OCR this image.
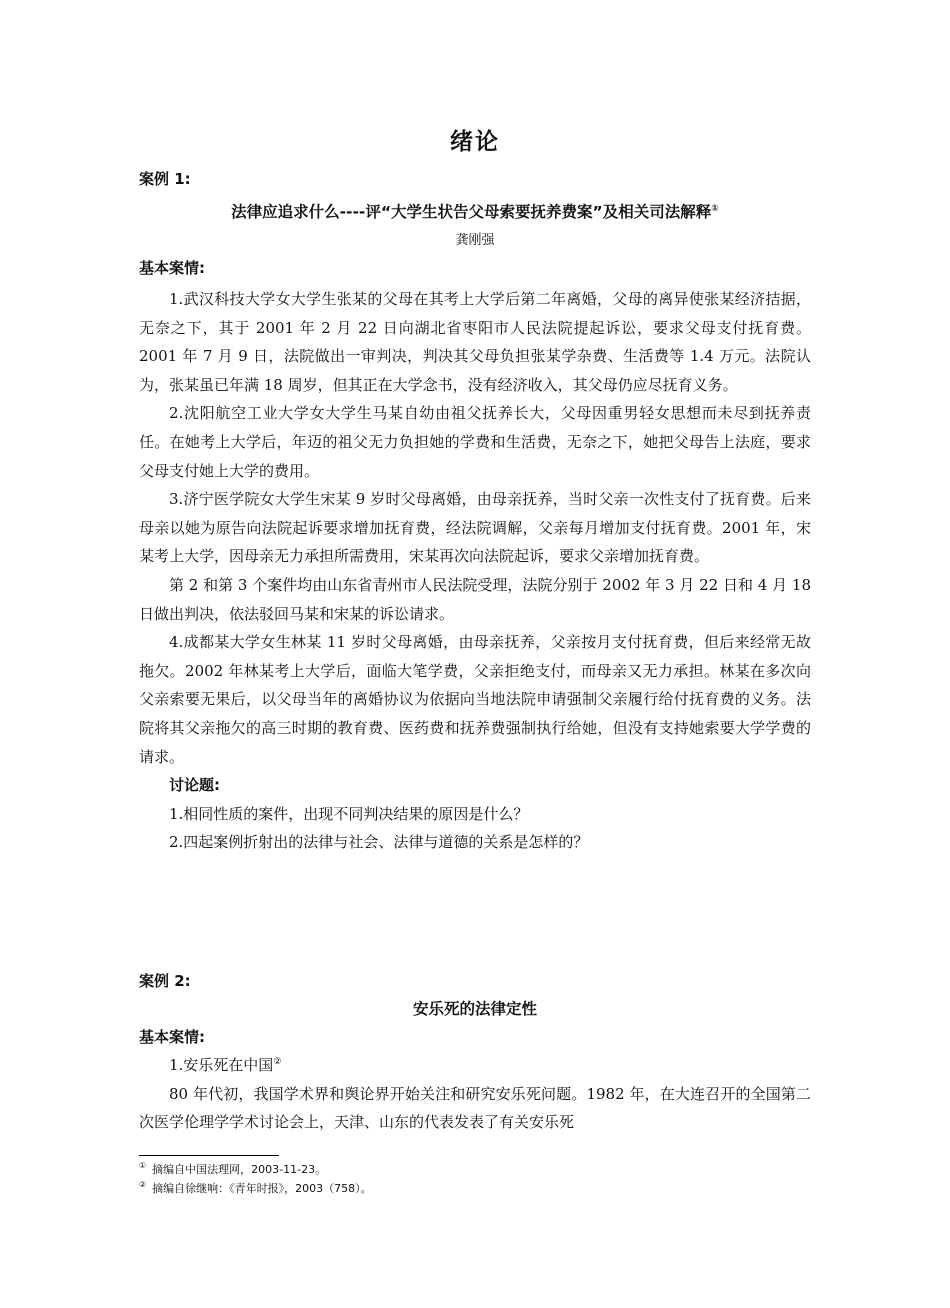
绪论
案例 1:
法律应追求什么----评“大学生状告父母索要抚养费案”及相关司法解释①
龚刚强
基本案情:

1.武汉科技大学女大学生张某的父母在其考上大学后第二年离婚，父母的离异使张某经济拮据，无奈之下，其于 2001 年 2 月 22 日向湖北省枣阳市人民法院提起诉讼，要求父母支付抚育费。2001 年 7 月 9 日，法院做出一审判决，判决其父母负担张某学杂费、生活费等 1.4 万元。法院认为，张某虽已年满 18 周岁，但其正在大学念书，没有经济收入，其父母仍应尽抚育义务。

2.沈阳航空工业大学女大学生马某自幼由祖父抚养长大，父母因重男轻女思想而未尽到抚养责任。在她考上大学后，年迈的祖父无力负担她的学费和生活费，无奈之下，她把父母告上法庭，要求父母支付她上大学的费用。

3.济宁医学院女大学生宋某 9 岁时父母离婚，由母亲抚养，当时父亲一次性支付了抚育费。后来母亲以她为原告向法院起诉要求增加抚育费，经法院调解，父亲每月增加支付抚育费。2001 年，宋某考上大学，因母亲无力承担所需费用，宋某再次向法院起诉，要求父亲增加抚育费。

第 2 和第 3 个案件均由山东省青州市人民法院受理，法院分别于 2002 年 3 月 22 日和 4 月 18 日做出判决，依法驳回马某和宋某的诉讼请求。

4.成都某大学女生林某 11 岁时父母离婚，由母亲抚养，父亲按月支付抚育费，但后来经常无故拖欠。2002 年林某考上大学后，面临大笔学费，父亲拒绝支付，而母亲又无力承担。林某在多次向父亲索要无果后，以父母当年的离婚协议为依据向当地法院申请强制父亲履行给付抚育费的义务。法院将其父亲拖欠的高三时期的教育费、医药费和抚养费强制执行给她，但没有支持她索要大学学费的请求。

讨论题:

1.相同性质的案件，出现不同判决结果的原因是什么？

2.四起案例折射出的法律与社会、法律与道德的关系是怎样的？

案例 2:
安乐死的法律定性
基本案情:

1.安乐死在中国②

80 年代初，我国学术界和舆论界开始关注和研究安乐死问题。1982 年，在大连召开的全国第二次医学伦理学学术讨论会上，天津、山东的代表发表了有关安乐死

① 摘编自中国法理网，2003-11-23。
② 摘编自徐继响：《青年时报》，2003（758）。
